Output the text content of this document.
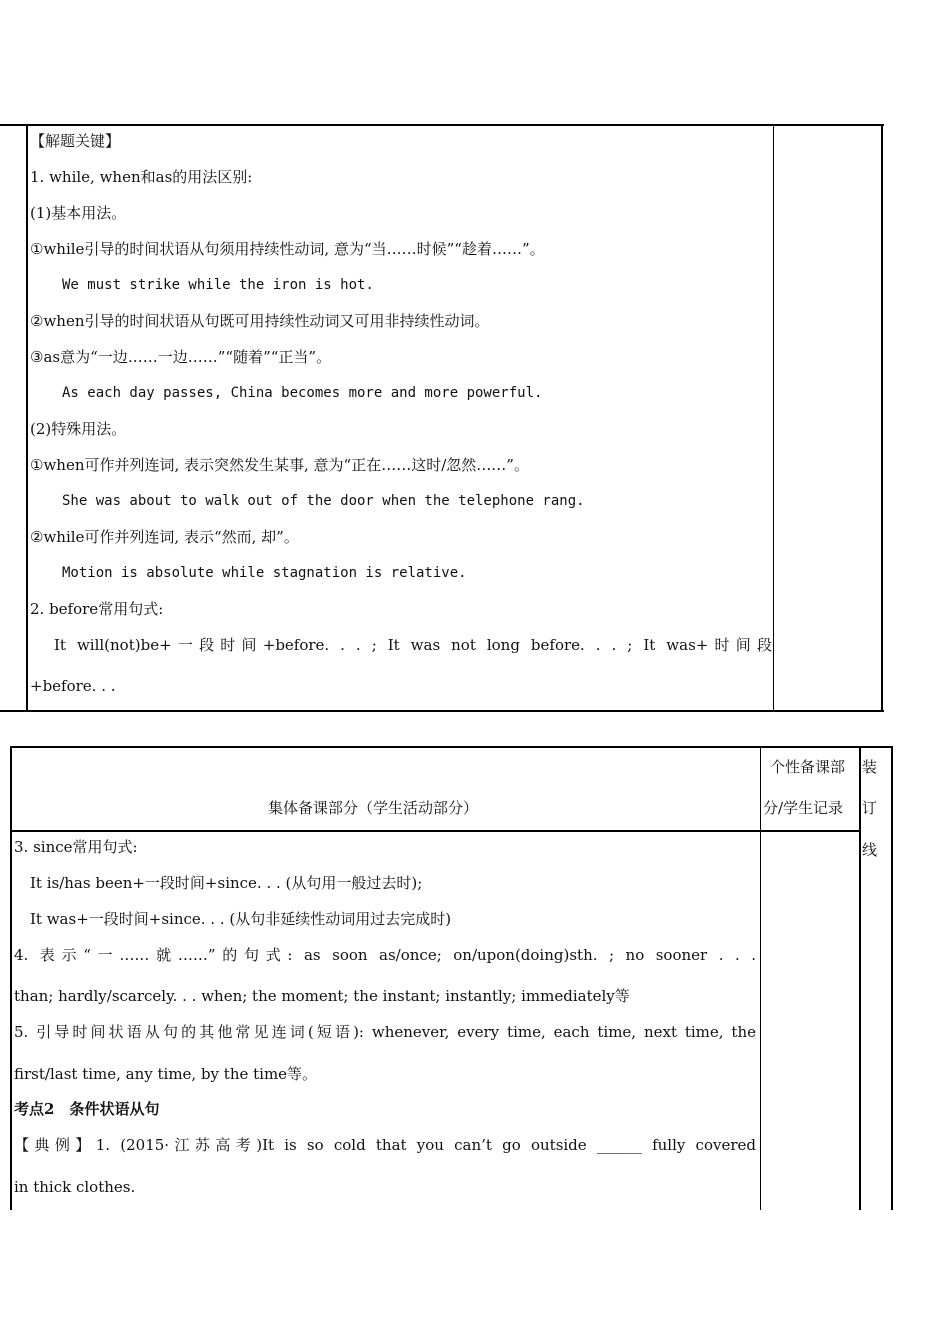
【解题关键】
1. while, when和as的用法区别:
(1)基本用法。
①while引导的时间状语从句须用持续性动词, 意为“当……时候”“趁着……”。
We must strike while the iron is hot.
②when引导的时间状语从句既可用持续性动词又可用非持续性动词。
③as意为“一边……一边……”“随着”“正当”。
As each day passes, China becomes more and more powerful.
(2)特殊用法。
①when可作并列连词, 表示突然发生某事, 意为“正在……这时/忽然……”。
She was about to walk out of the door when the telephone rang.
②while可作并列连词, 表示“然而, 却”。
Motion is absolute while stagnation is relative.
2. before常用句式:
It will(not)be+一段时间+before. . . ; It was not long before. . . ; It was+时间段
+before. . .
集体备课部分（学生活动部分）
个性备课部
分/学生记录
装
订
线
3. since常用句式:
It is/has been+一段时间+since. . . (从句用一般过去时);
It was+一段时间+since. . . (从句非延续性动词用过去完成时)
4. 表示“一……就……”的句式: as soon as/once; on/upon(doing)sth. ; no sooner . . .
than; hardly/scarcely. . . when; the moment; the instant; instantly; immediately等
5. 引导时间状语从句的其他常见连词(短语): whenever, every time, each time, next time, the
first/last time, any time, by the time等。
考点2　条件状语从句
【典例】1. (2015·江苏高考)It is so cold that you can’t go outside ______ fully covered
in thick clothes.
